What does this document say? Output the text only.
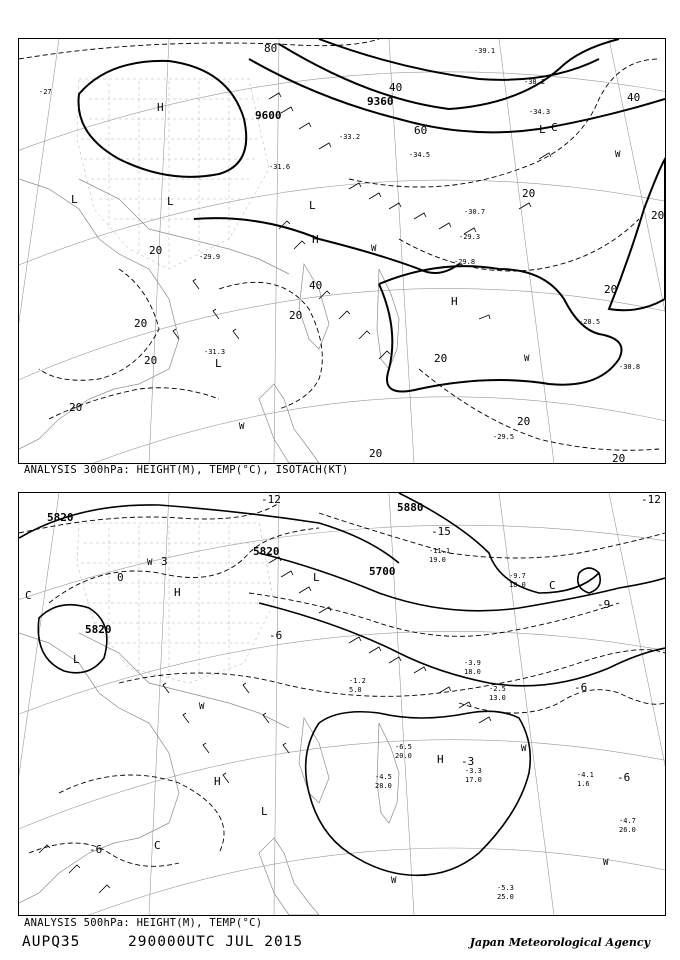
-27
-29.9
-31.3
-30.8
-28.5
-29.5
-33.2
-34.5
-30.7
-29.3
-29.8
-39.1
-38.2
-34.3
-31.6
80
40
40
60
20
20
20
20
20
20
20
20
20
20	20
20
40
9600
9360
H
H
H
L	L
L
L
L C
W
W
W
W
ANALYSIS 300hPa: HEIGHT(M), TEMP(°C), ISOTACH(KT)
-5.3
25.0
-4.1
1.6
-4.7
26.0
-3.9
18.0
-6.5
20.0
-4.5
28.0
-3.3
17.0
-2.5
13.0
-1.2
5.0
-9.7
18.0
-11.1
19.0
-12	-12
-15
-9
-6
-6
-6
-3
-6
0
3
5700
5820
5820
5820
5880
H
H
H
L
L
L
C
C
C
W
W
W
W
W
ANALYSIS 500hPa: HEIGHT(M), TEMP(°C)
AUPQ35	290000UTC JUL 2015	Japan Meteorological Agency
